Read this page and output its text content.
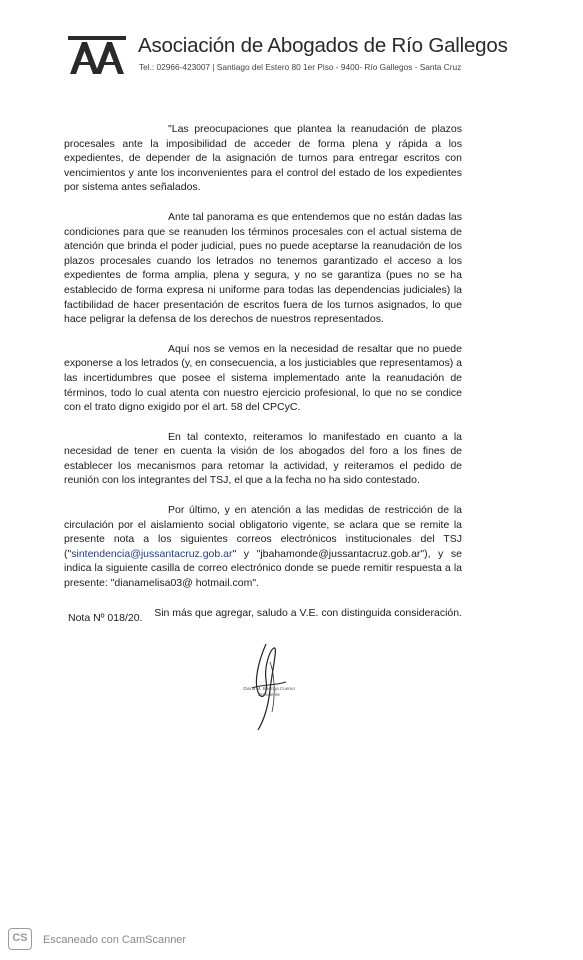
Asociación de Abogados de Río Gallegos
Tel.: 02966-423007 | Santiago del Estero 80 1er Piso - 9400- Río Gallegos - Santa Cruz

"Las preocupaciones que plantea la reanudación de plazos procesales ante la imposibilidad de acceder de forma plena y rápida a los expedientes, de depender de la asignación de turnos para entregar escritos con vencimientos y ante los inconvenientes para el control del estado de los expedientes por sistema antes señalados.

Ante tal panorama es que entendemos que no están dadas las condiciones para que se reanuden los términos procesales con el actual sistema de atención que brinda el poder judicial, pues no puede aceptarse la reanudación de los plazos procesales cuando los letrados no tenemos garantizado el acceso a los expedientes de forma amplia, plena y segura, y no se garantiza (pues no se ha establecido de forma expresa ni uniforme para todas las dependencias judiciales) la factibilidad de hacer presentación de escritos fuera de los turnos asignados, lo que hace peligrar la defensa de los derechos de nuestros representados.

Aquí nos se vemos en la necesidad de resaltar que no puede exponerse a los letrados (y, en consecuencia, a los justiciables que representamos) a las incertidumbres que posee el sistema implementado ante la reanudación de términos, todo lo cual atenta con nuestro ejercicio profesional, lo que no se condice con el trato digno exigido por el art. 58 del CPCyC.

En tal contexto, reiteramos lo manifestado en cuanto a la necesidad de tener en cuenta la visión de los abogados del foro a los fines de establecer los mecanismos para retomar la actividad, y reiteramos el pedido de reunión con los integrantes del TSJ, el que a la fecha no ha sido contestado.

Por último, y en atención a las medidas de restricción de la circulación por el aislamiento social obligatorio vigente, se aclara que se remite la presente nota a los siguientes correos electrónicos institucionales del TSJ ("sintendencia@jussantacruz.gob.ar" y "jbahamonde@jussantacruz.gob.ar"), y se indica la siguiente casilla de correo electrónico donde se puede remitir respuesta a la presente: "dianamelisa03@ hotmail.com".

Sin más que agregar, saludo a V.E. con distinguida consideración.

Nota Nº 018/20.
Diana M. Baringa Cuervo
Presidente
CS	Escaneado con CamScanner
